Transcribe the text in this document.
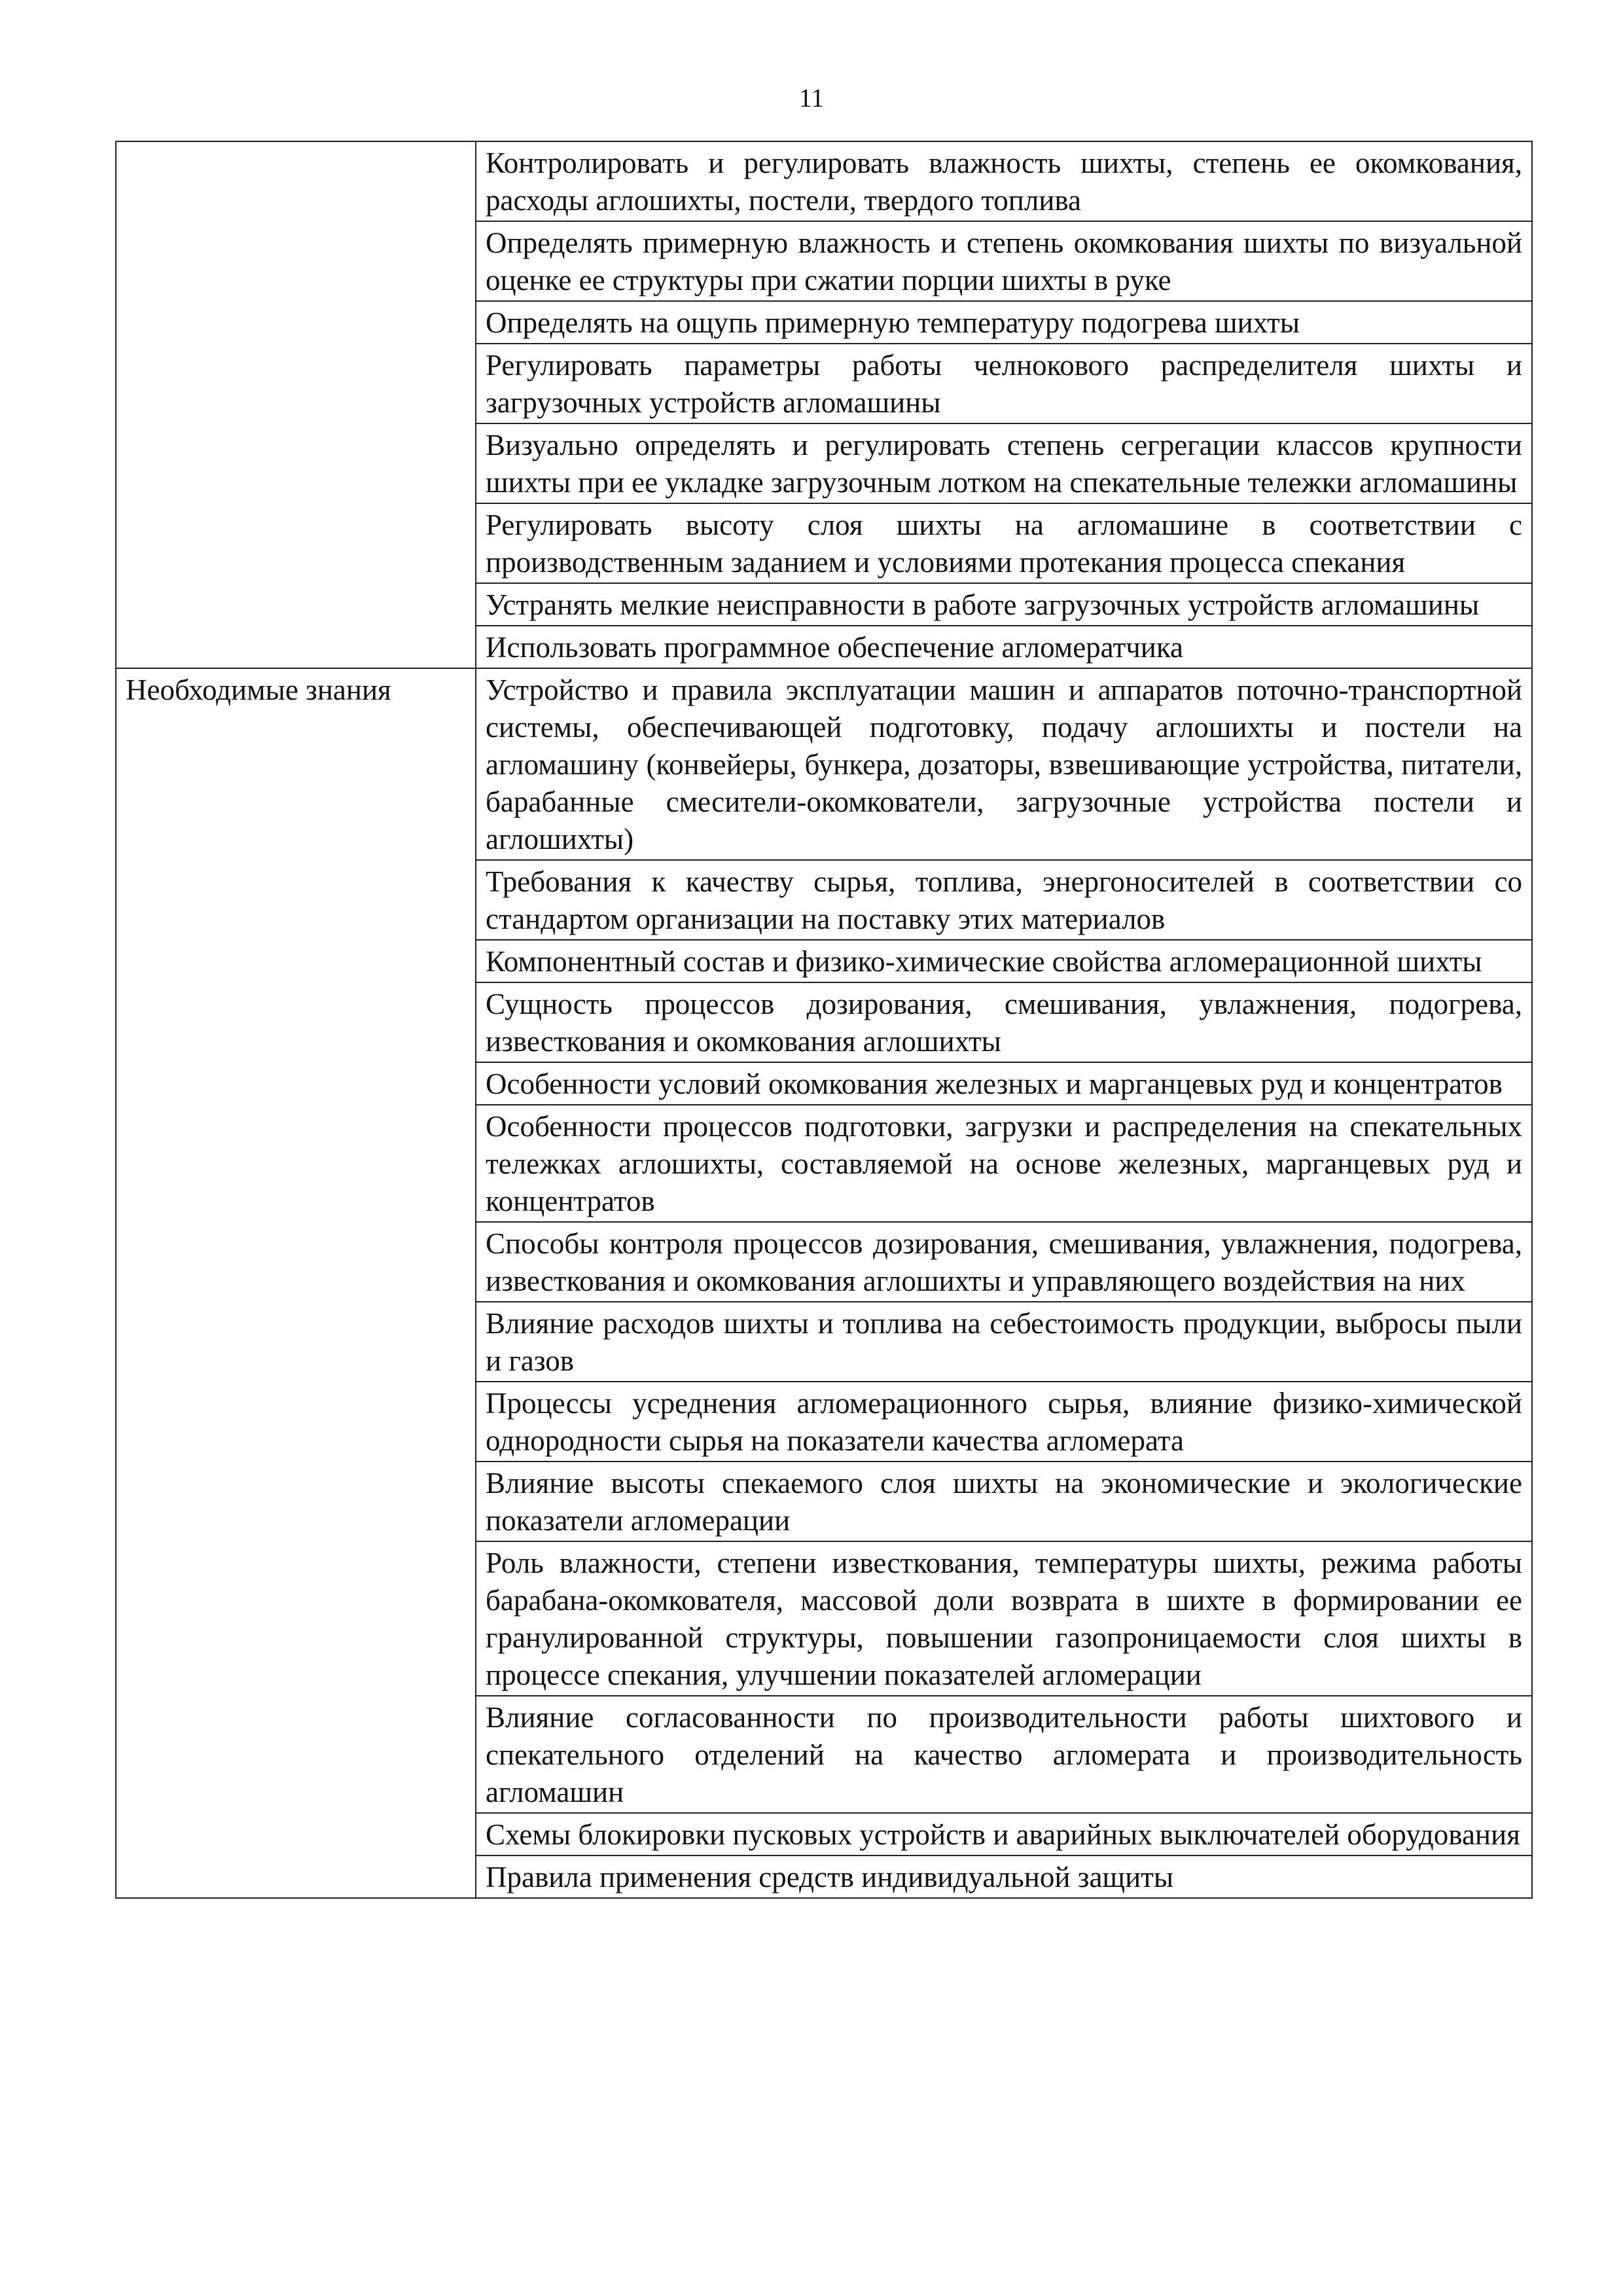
11
	Контролировать и регулировать влажность шихты, степень ее окомкования, расходы аглошихты, постели, твердого топлива
	Определять примерную влажность и степень окомкования шихты по визуальной оценке ее структуры при сжатии порции шихты в руке
	Определять на ощупь примерную температуру подогрева шихты
	Регулировать параметры работы челнокового распределителя шихты и загрузочных устройств агломашины
	Визуально определять и регулировать степень сегрегации классов крупности шихты при ее укладке загрузочным лотком на спекательные тележки агломашины
	Регулировать высоту слоя шихты на агломашине в соответствии с производственным заданием и условиями протекания процесса спекания
	Устранять мелкие неисправности в работе загрузочных устройств агломашины
	Использовать программное обеспечение агломератчика
Необходимые знания	Устройство и правила эксплуатации машин и аппаратов поточно-транспортной системы, обеспечивающей подготовку, подачу аглошихты и постели на агломашину (конвейеры, бункера, дозаторы, взвешивающие устройства, питатели, барабанные смесители-окомкователи, загрузочные устройства постели и аглошихты)
	Требования к качеству сырья, топлива, энергоносителей в соответствии со стандартом организации на поставку этих материалов
	Компонентный состав и физико-химические свойства агломерационной шихты
	Сущность процессов дозирования, смешивания, увлажнения, подогрева, известкования и окомкования аглошихты
	Особенности условий окомкования железных и марганцевых руд и концентратов
	Особенности процессов подготовки, загрузки и распределения на спекательных тележках аглошихты, составляемой на основе железных, марганцевых руд и концентратов
	Способы контроля процессов дозирования, смешивания, увлажнения, подогрева, известкования и окомкования аглошихты и управляющего воздействия на них
	Влияние расходов шихты и топлива на себестоимость продукции, выбросы пыли и газов
	Процессы усреднения агломерационного сырья, влияние физико-химической однородности сырья на показатели качества агломерата
	Влияние высоты спекаемого слоя шихты на экономические и экологические показатели агломерации
	Роль влажности, степени известкования, температуры шихты, режима работы барабана-окомкователя, массовой доли возврата в шихте в формировании ее гранулированной структуры, повышении газопроницаемости слоя шихты в процессе спекания, улучшении показателей агломерации
	Влияние согласованности по производительности работы шихтового и спекательного отделений на качество агломерата и производительность агломашин
	Схемы блокировки пусковых устройств и аварийных выключателей оборудования
	Правила применения средств индивидуальной защиты
